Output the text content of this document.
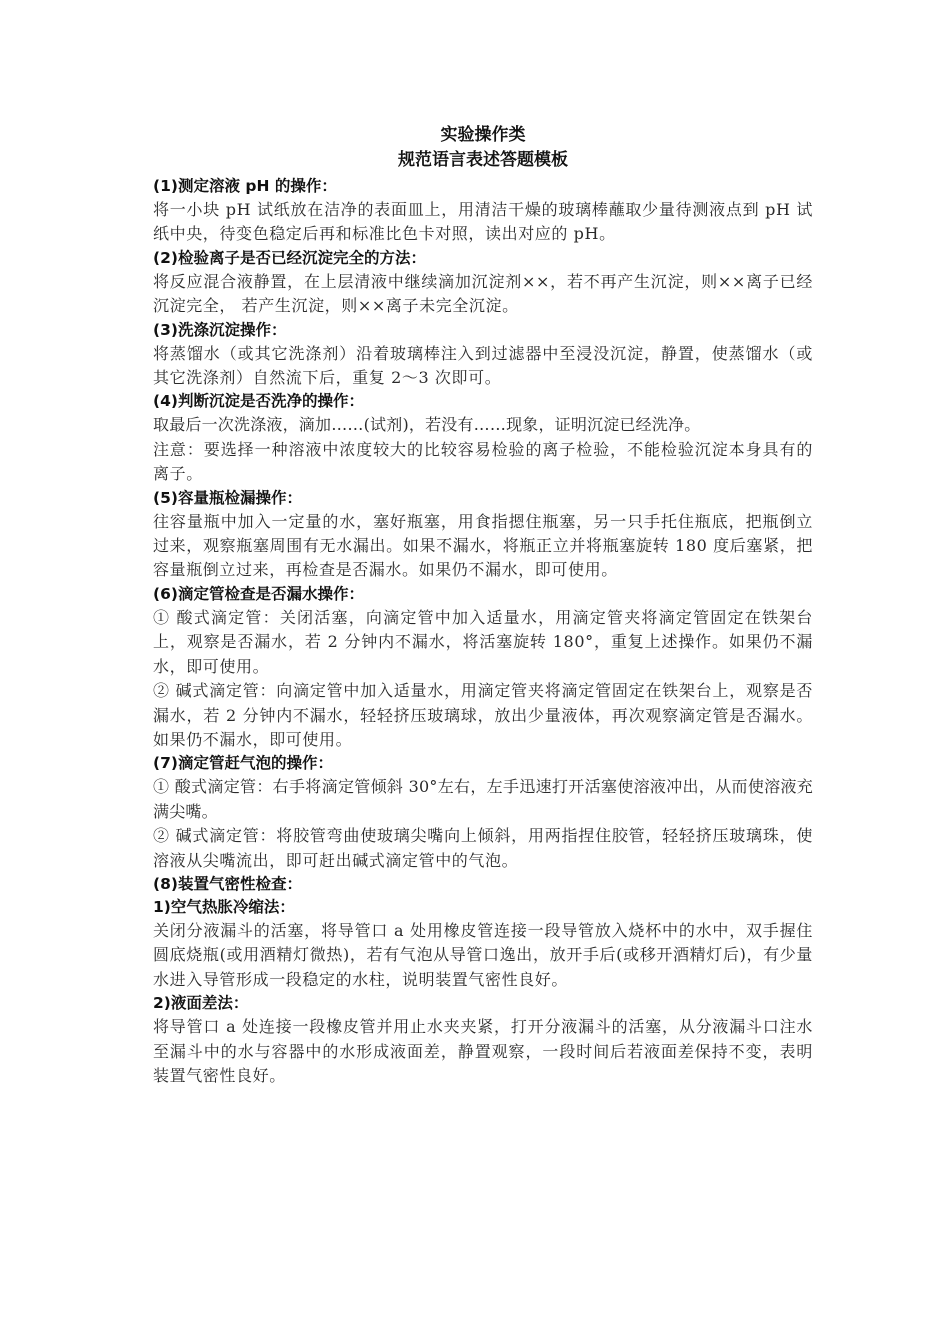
实验操作类
规范语言表述答题模板
(1)测定溶液 pH 的操作：
将一小块 pH 试纸放在洁净的表面皿上，用清洁干燥的玻璃棒蘸取少量待测液点到 pH 试纸中央，待变色稳定后再和标准比色卡对照，读出对应的 pH。
(2)检验离子是否已经沉淀完全的方法：
将反应混合液静置，在上层清液中继续滴加沉淀剂××，若不再产生沉淀，则××离子已经沉淀完全， 若产生沉淀，则××离子未完全沉淀。
(3)洗涤沉淀操作：
将蒸馏水（或其它洗涤剂）沿着玻璃棒注入到过滤器中至浸没沉淀，静置，使蒸馏水（或其它洗涤剂）自然流下后，重复 2～3 次即可。
(4)判断沉淀是否洗净的操作：
取最后一次洗涤液，滴加……(试剂)，若没有……现象，证明沉淀已经洗净。
注意：要选择一种溶液中浓度较大的比较容易检验的离子检验，不能检验沉淀本身具有的离子。
(5)容量瓶检漏操作：
往容量瓶中加入一定量的水，塞好瓶塞，用食指摁住瓶塞，另一只手托住瓶底，把瓶倒立过来，观察瓶塞周围有无水漏出。如果不漏水，将瓶正立并将瓶塞旋转 180 度后塞紧，把容量瓶倒立过来，再检查是否漏水。如果仍不漏水，即可使用。
(6)滴定管检查是否漏水操作：
① 酸式滴定管：关闭活塞，向滴定管中加入适量水，用滴定管夹将滴定管固定在铁架台上，观察是否漏水，若 2 分钟内不漏水，将活塞旋转 180°，重复上述操作。如果仍不漏水，即可使用。
② 碱式滴定管：向滴定管中加入适量水，用滴定管夹将滴定管固定在铁架台上，观察是否漏水，若 2 分钟内不漏水，轻轻挤压玻璃球，放出少量液体，再次观察滴定管是否漏水。如果仍不漏水，即可使用。
(7)滴定管赶气泡的操作：
① 酸式滴定管：右手将滴定管倾斜 30°左右，左手迅速打开活塞使溶液冲出，从而使溶液充满尖嘴。
② 碱式滴定管：将胶管弯曲使玻璃尖嘴向上倾斜，用两指捏住胶管，轻轻挤压玻璃珠，使溶液从尖嘴流出，即可赶出碱式滴定管中的气泡。
(8)装置气密性检查：
1)空气热胀冷缩法：
关闭分液漏斗的活塞，将导管口 a 处用橡皮管连接一段导管放入烧杯中的水中，双手握住圆底烧瓶(或用酒精灯微热)，若有气泡从导管口逸出，放开手后(或移开酒精灯后)，有少量水进入导管形成一段稳定的水柱，说明装置气密性良好。
2)液面差法：
将导管口 a 处连接一段橡皮管并用止水夹夹紧，打开分液漏斗的活塞，从分液漏斗口注水至漏斗中的水与容器中的水形成液面差，静置观察，一段时间后若液面差保持不变，表明装置气密性良好。
